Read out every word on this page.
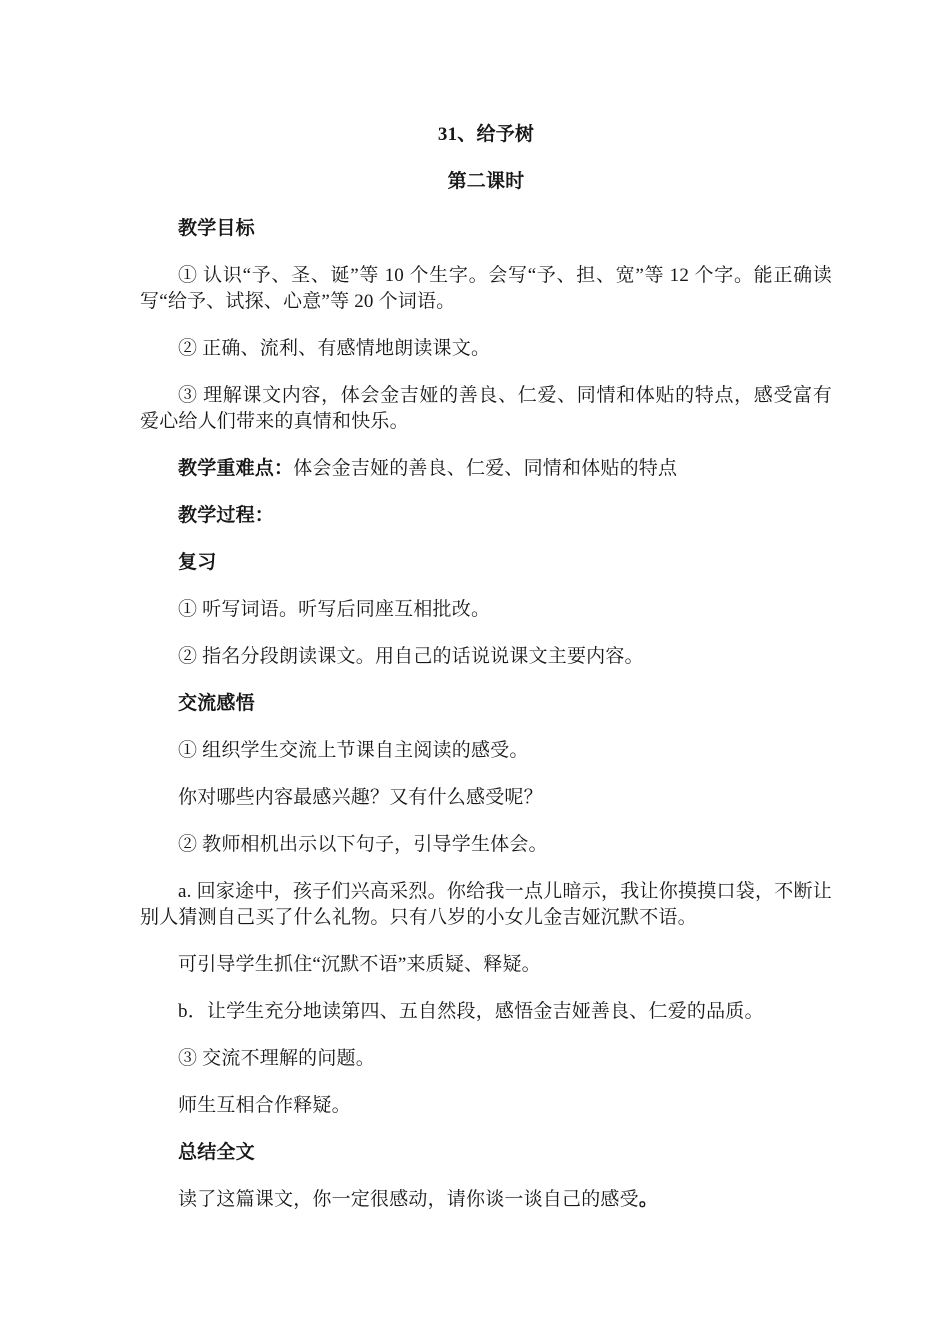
31、给予树

第二课时

教学目标

① 认识“予、圣、诞”等 10 个生字。会写“予、担、宽”等 12 个字。能正确读写“给予、试探、心意”等 20 个词语。

② 正确、流利、有感情地朗读课文。

③ 理解课文内容，体会金吉娅的善良、仁爱、同情和体贴的特点，感受富有爱心给人们带来的真情和快乐。

教学重难点：体会金吉娅的善良、仁爱、同情和体贴的特点

教学过程：

复习

① 听写词语。听写后同座互相批改。

② 指名分段朗读课文。用自己的话说说课文主要内容。

交流感悟

① 组织学生交流上节课自主阅读的感受。

你对哪些内容最感兴趣？又有什么感受呢？

② 教师相机出示以下句子，引导学生体会。

a. 回家途中，孩子们兴高采烈。你给我一点儿暗示，我让你摸摸口袋，不断让别人猜测自己买了什么礼物。只有八岁的小女儿金吉娅沉默不语。

可引导学生抓住“沉默不语”来质疑、释疑。

b．让学生充分地读第四、五自然段，感悟金吉娅善良、仁爱的品质。

③ 交流不理解的问题。

师生互相合作释疑。

总结全文

读了这篇课文，你一定很感动，请你谈一谈自己的感受。
